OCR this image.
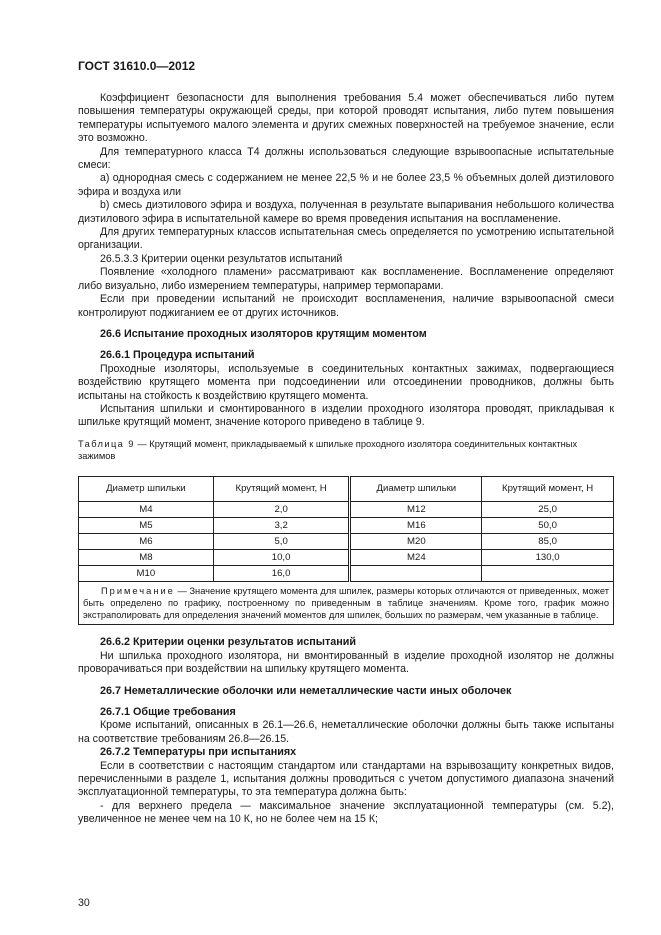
ГОСТ 31610.0—2012

Коэффициент безопасности для выполнения требования 5.4 может обеспечиваться либо путем повышения температуры окружающей среды, при которой проводят испытания, либо путем повышения температуры испытуемого малого элемента и других смежных поверхностей на требуемое значение, если это возможно.

Для температурного класса Т4 должны использоваться следующие взрывоопасные испытательные смеси:

a) однородная смесь с содержанием не менее 22,5 % и не более 23,5 % объемных долей диэтилового эфира и воздуха или

b) смесь диэтилового эфира и воздуха, полученная в результате выпаривания небольшого количества диэтилового эфира в испытательной камере во время проведения испытания на воспламенение.

Для других температурных классов испытательная смесь определяется по усмотрению испытательной организации.

26.5.3.3 Критерии оценки результатов испытаний

Появление «холодного пламени» рассматривают как воспламенение. Воспламенение определяют либо визуально, либо измерением температуры, например термопарами.

Если при проведении испытаний не происходит воспламенения, наличие взрывоопасной смеси контролируют поджиганием ее от других источников.

26.6 Испытание проходных изоляторов крутящим моментом

26.6.1 Процедура испытаний

Проходные изоляторы, используемые в соединительных контактных зажимах, подвергающиеся воздействию крутящего момента при подсоединении или отсоединении проводников, должны быть испытаны на стойкость к воздействию крутящего момента.

Испытания шпильки и смонтированного в изделии проходного изолятора проводят, прикладывая к шпильке крутящий момент, значение которого приведено в таблице 9.

Таблица 9 — Крутящий момент, прикладываемый к шпильке проходного изолятора соединительных контактных зажимов

Диаметр шпильки	Крутящий момент, Н	Диаметр шпильки	Крутящий момент, Н
М4	2,0	М12	25,0
М5	3,2	М16	50,0
М6	5,0	М20	85,0
М8	10,0	М24	130,0
М10	16,0		
Примечание — Значение крутящего момента для шпилек, размеры которых отличаются от приведенных, может быть определено по графику, построенному по приведенным в таблице значениям. Кроме того, график можно экстраполировать для определения значений моментов для шпилек, больших по размерам, чем указанные в таблице.			

26.6.2 Критерии оценки результатов испытаний

Ни шпилька проходного изолятора, ни вмонтированный в изделие проходной изолятор не должны проворачиваться при воздействии на шпильку крутящего момента.

26.7 Неметаллические оболочки или неметаллические части иных оболочек

26.7.1 Общие требования

Кроме испытаний, описанных в 26.1—26.6, неметаллические оболочки должны быть также испытаны на соответствие требованиям 26.8—26.15.

26.7.2 Температуры при испытаниях

Если в соответствии с настоящим стандартом или стандартами на взрывозащиту конкретных видов, перечисленными в разделе 1, испытания должны проводиться с учетом допустимого диапазона значений эксплуатационной температуры, то эта температура должна быть:

- для верхнего предела — максимальное значение эксплуатационной температуры (см. 5.2), увеличенное не менее чем на 10 К, но не более чем на 15 К;

30
